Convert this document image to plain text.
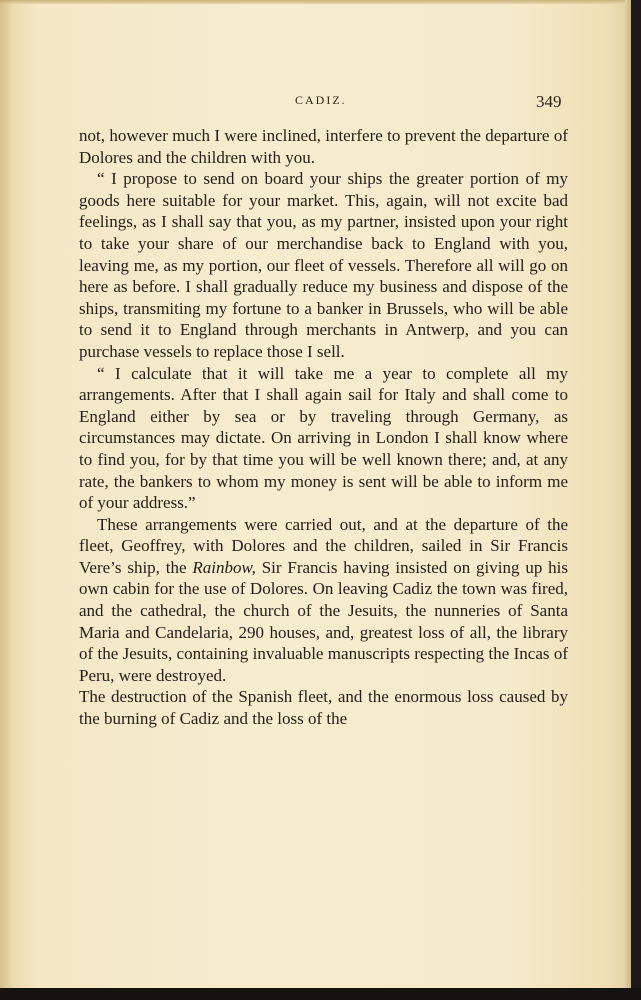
CADIZ.	349

not, however much I were inclined, interfere to prevent the departure of Dolores and the children with you.

“ I propose to send on board your ships the greater portion of my goods here suitable for your market. This, again, will not excite bad feelings, as I shall say that you, as my partner, insisted upon your right to take your share of our merchandise back to England with you, leaving me, as my portion, our fleet of vessels. Therefore all will go on here as before. I shall gradually reduce my business and dispose of the ships, transmiting my fortune to a banker in Brussels, who will be able to send it to England through merchants in Antwerp, and you can purchase vessels to replace those I sell.

“ I calculate that it will take me a year to complete all my arrangements. After that I shall again sail for Italy and shall come to England either by sea or by traveling through Germany, as circumstances may dictate. On arriving in London I shall know where to find you, for by that time you will be well known there; and, at any rate, the bankers to whom my money is sent will be able to inform me of your address.”

These arrangements were carried out, and at the departure of the fleet, Geoffrey, with Dolores and the children, sailed in Sir Francis Vere’s ship, the Rainbow, Sir Francis having insisted on giving up his own cabin for the use of Dolores. On leaving Cadiz the town was fired, and the cathedral, the church of the Jesuits, the nunneries of Santa Maria and Candelaria, 290 houses, and, greatest loss of all, the library of the Jesuits, containing invaluable manuscripts respecting the Incas of Peru, were destroyed.

The destruction of the Spanish fleet, and the enormous loss caused by the burning of Cadiz and the loss of the
